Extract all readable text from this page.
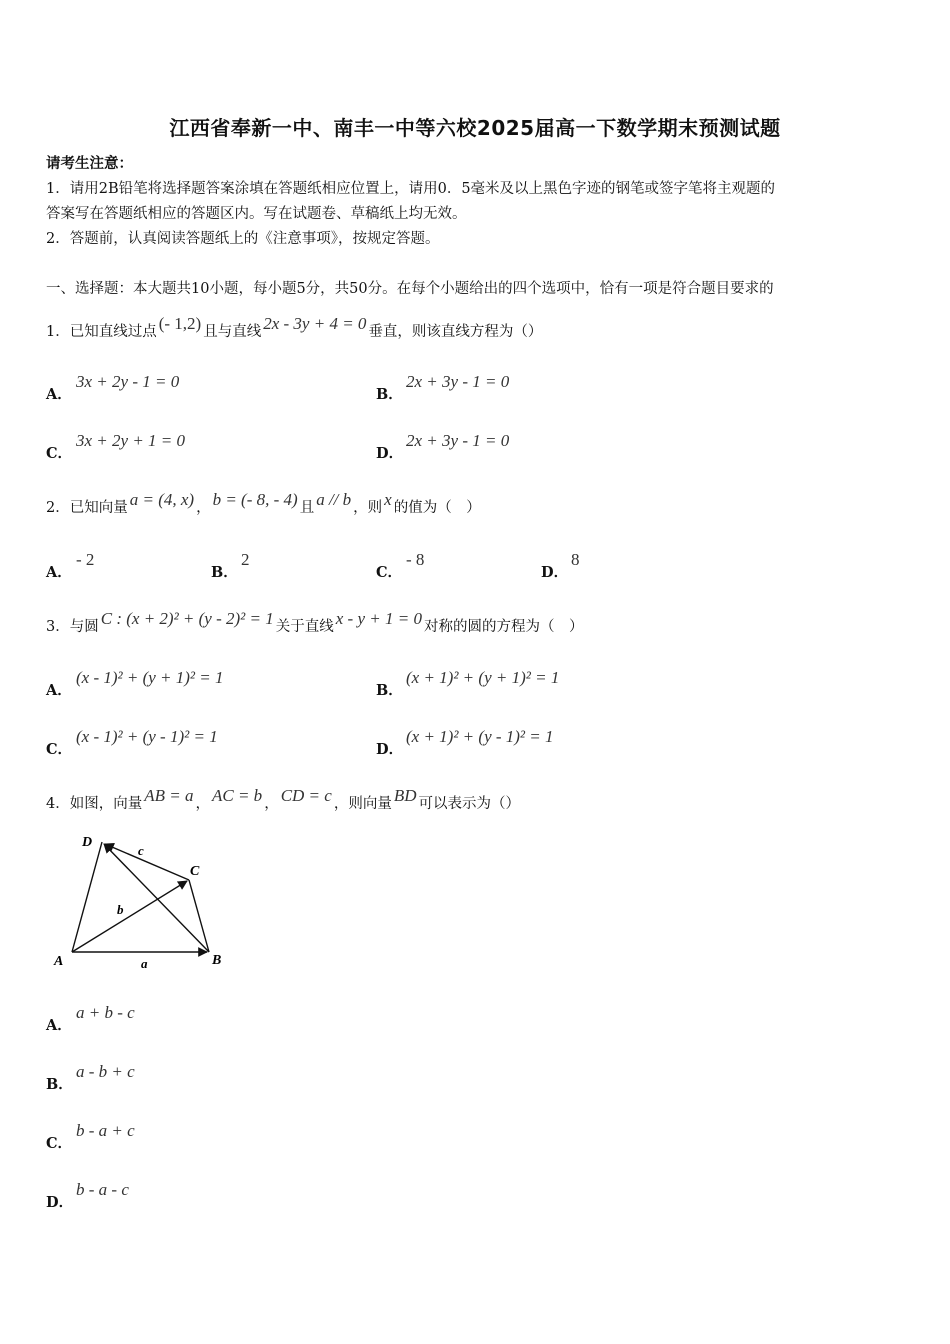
江西省奉新一中、南丰一中等六校2025届高一下数学期末预测试题
请考生注意：
1．请用2B铅笔将选择题答案涂填在答题纸相应位置上，请用0．5毫米及以上黑色字迹的钢笔或签字笔将主观题的
答案写在答题纸相应的答题区内。写在试题卷、草稿纸上均无效。
2．答题前，认真阅读答题纸上的《注意事项》，按规定答题。
一、选择题：本大题共10小题，每小题5分，共50分。在每个小题给出的四个选项中，恰有一项是符合题目要求的
1．已知直线过点 (- 1,2) 且与直线 2x - 3y + 4 = 0 垂直，则该直线方程为（）
A．3x + 2y - 1 = 0
B．2x + 3y - 1 = 0
C．3x + 2y + 1 = 0
D．2x + 3y - 1 = 0
2．已知向量 a = (4, x) ， b = (- 8, - 4) 且 a // b ，则 x 的值为（　）
A．- 2
B．2
C．- 8
D．8
3．与圆 C : (x + 2)² + (y - 2)² = 1 关于直线 x - y + 1 = 0 对称的圆的方程为（　）
A．(x - 1)² + (y + 1)² = 1
B．(x + 1)² + (y + 1)² = 1
C．(x - 1)² + (y - 1)² = 1
D．(x + 1)² + (y - 1)² = 1
4．如图，向量 AB = a ， AC = b ， CD = c ，则向量 BD 可以表示为（）
A	B
C
D
a
b
c
A．a + b - c
B．a - b + c
C．b - a + c
D．b - a - c
